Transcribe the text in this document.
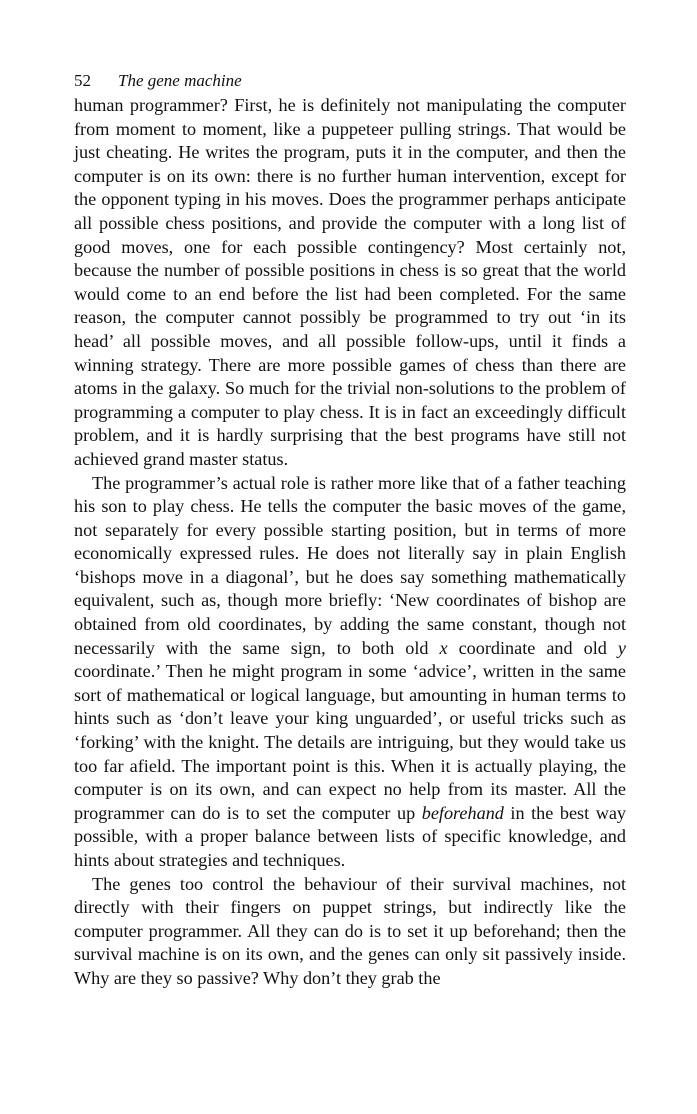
52 The gene machine

human programmer? First, he is definitely not manipulating the computer from moment to moment, like a puppeteer pulling strings. That would be just cheating. He writes the program, puts it in the computer, and then the computer is on its own: there is no further human intervention, except for the opponent typing in his moves. Does the programmer perhaps anticipate all possible chess positions, and provide the computer with a long list of good moves, one for each possible contingency? Most certainly not, because the number of possible positions in chess is so great that the world would come to an end before the list had been completed. For the same reason, the computer cannot possibly be programmed to try out ‘in its head’ all possible moves, and all possible follow-ups, until it finds a winning strategy. There are more possible games of chess than there are atoms in the galaxy. So much for the trivial non-solutions to the problem of programming a computer to play chess. It is in fact an exceedingly difficult problem, and it is hardly surprising that the best programs have still not achieved grand master status.

The programmer’s actual role is rather more like that of a father teaching his son to play chess. He tells the computer the basic moves of the game, not separately for every possible starting position, but in terms of more economically expressed rules. He does not literally say in plain English ‘bishops move in a diagonal’, but he does say something mathematically equivalent, such as, though more briefly: ‘New coordinates of bishop are obtained from old coordinates, by adding the same constant, though not necessarily with the same sign, to both old x coordinate and old y coordinate.’ Then he might program in some ‘advice’, written in the same sort of mathematical or logical language, but amounting in human terms to hints such as ‘don’t leave your king unguarded’, or useful tricks such as ‘forking’ with the knight. The details are intriguing, but they would take us too far afield. The important point is this. When it is actually playing, the computer is on its own, and can expect no help from its master. All the programmer can do is to set the computer up beforehand in the best way possible, with a proper balance between lists of specific knowledge, and hints about strategies and techniques.

The genes too control the behaviour of their survival machines, not directly with their fingers on puppet strings, but indirectly like the computer programmer. All they can do is to set it up beforehand; then the survival machine is on its own, and the genes can only sit passively inside. Why are they so passive? Why don’t they grab the
